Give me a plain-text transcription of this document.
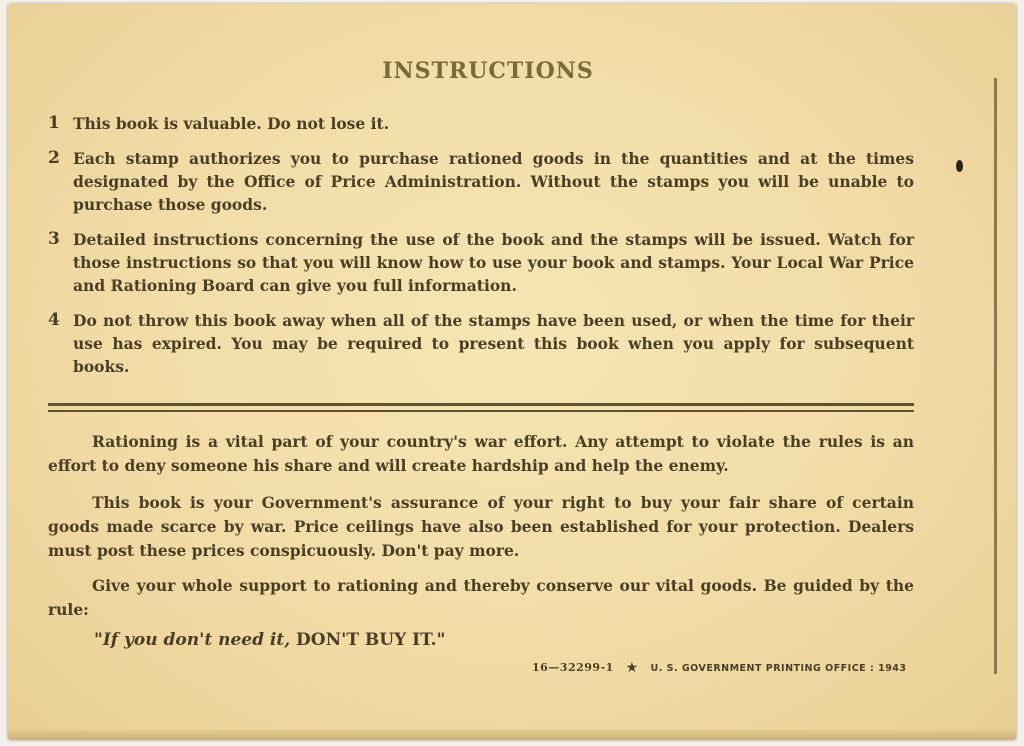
INSTRUCTIONS
1 This book is valuable. Do not lose it.
2 Each stamp authorizes you to purchase rationed goods in the quantities and at the times designated by the Office of Price Administration. Without the stamps you will be unable to purchase those goods.
3 Detailed instructions concerning the use of the book and the stamps will be issued. Watch for those instructions so that you will know how to use your book and stamps. Your Local War Price and Rationing Board can give you full information.
4 Do not throw this book away when all of the stamps have been used, or when the time for their use has expired. You may be required to present this book when you apply for subsequent books.

Rationing is a vital part of your country's war effort. Any attempt to violate the rules is an effort to deny someone his share and will create hardship and help the enemy.

This book is your Government's assurance of your right to buy your fair share of certain goods made scarce by war. Price ceilings have also been established for your protection. Dealers must post these prices conspicuously. Don't pay more.

Give your whole support to rationing and thereby conserve our vital goods. Be guided by the rule:

"If you don't need it, DON'T BUY IT."
16—32299-1 ★ U. S. GOVERNMENT PRINTING OFFICE : 1943
